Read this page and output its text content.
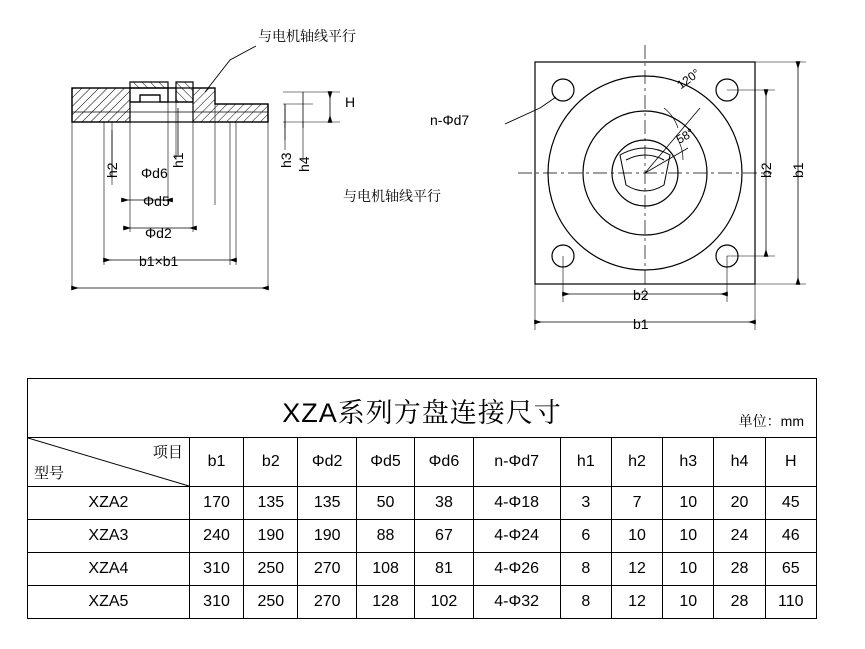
与电机轴线平行
与电机轴线平行
H
h4
h3
h1
h2 Φd6
Φd5
Φd2
b1×b1
n-Φd7
120°
58°
b2 b1
b2
b1
XZA系列方盘连接尺寸 单位：mm											

项目
型号	b1	b2	Φd2	Φd5	Φd6	n-Φd7	h1	h2	h3	h4	H
XZA2	170	135	135	50	38	4-Φ18	3	7	10	20	45
XZA3	240	190	190	88	67	4-Φ24	6	10	10	24	46
XZA4	310	250	270	108	81	4-Φ26	8	12	10	28	65
XZA5	310	250	270	128	102	4-Φ32	8	12	10	28	110
